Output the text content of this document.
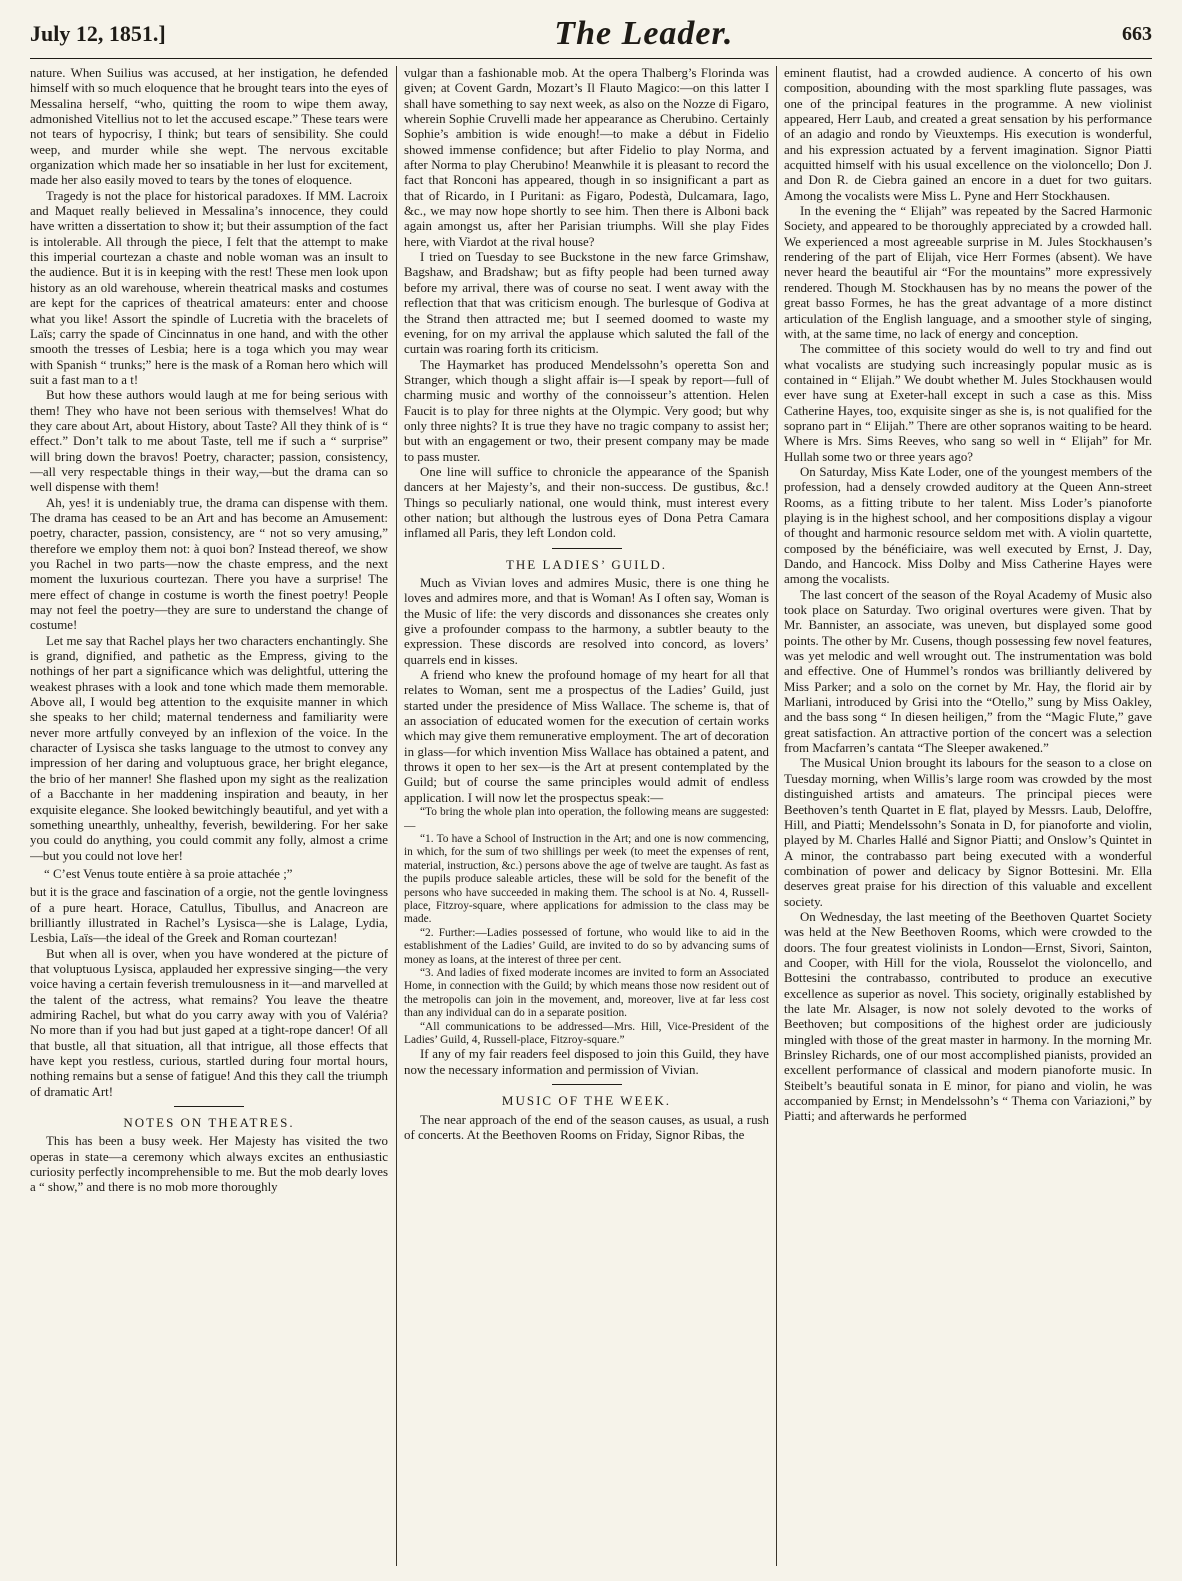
July 12, 1851.]	The Leader.	663

nature. When Suilius was accused, at her instigation, he defended himself with so much eloquence that he brought tears into the eyes of Messalina herself, “who, quitting the room to wipe them away, admonished Vitellius not to let the accused escape.” These tears were not tears of hypocrisy, I think; but tears of sensibility. She could weep, and murder while she wept. The nervous excitable organization which made her so insatiable in her lust for excitement, made her also easily moved to tears by the tones of eloquence.

Tragedy is not the place for historical paradoxes. If MM. Lacroix and Maquet really believed in Messalina’s innocence, they could have written a dissertation to show it; but their assumption of the fact is intolerable. All through the piece, I felt that the attempt to make this imperial courtezan a chaste and noble woman was an insult to the audience. But it is in keeping with the rest! These men look upon history as an old warehouse, wherein theatrical masks and costumes are kept for the caprices of theatrical amateurs: enter and choose what you like! Assort the spindle of Lucretia with the bracelets of Laïs; carry the spade of Cincinnatus in one hand, and with the other smooth the tresses of Lesbia; here is a toga which you may wear with Spanish “ trunks;” here is the mask of a Roman hero which will suit a fast man to a t!

But how these authors would laugh at me for being serious with them! They who have not been serious with themselves! What do they care about Art, about History, about Taste? All they think of is “ effect.” Don’t talk to me about Taste, tell me if such a “ surprise” will bring down the bravos! Poetry, character; passion, consistency, —all very respectable things in their way,—but the drama can so well dispense with them!

Ah, yes! it is undeniably true, the drama can dispense with them. The drama has ceased to be an Art and has become an Amusement: poetry, character, passion, consistency, are “ not so very amusing,” therefore we employ them not: à quoi bon? Instead thereof, we show you Rachel in two parts—now the chaste empress, and the next moment the luxurious courtezan. There you have a surprise! The mere effect of change in costume is worth the finest poetry! People may not feel the poetry—they are sure to understand the change of costume!

Let me say that Rachel plays her two characters enchantingly. She is grand, dignified, and pathetic as the Empress, giving to the nothings of her part a significance which was delightful, uttering the weakest phrases with a look and tone which made them memorable. Above all, I would beg attention to the exquisite manner in which she speaks to her child; maternal tenderness and familiarity were never more artfully conveyed by an inflexion of the voice. In the character of Lysisca she tasks language to the utmost to convey any impression of her daring and voluptuous grace, her bright elegance, the brio of her manner! She flashed upon my sight as the realization of a Bacchante in her maddening inspiration and beauty, in her exquisite elegance. She looked bewitchingly beautiful, and yet with a something unearthly, unhealthy, feverish, bewildering. For her sake you could do anything, you could commit any folly, almost a crime—but you could not love her!

“ C’est Venus toute entière à sa proie attachée ;”

but it is the grace and fascination of a orgie, not the gentle lovingness of a pure heart. Horace, Catullus, Tibullus, and Anacreon are brilliantly illustrated in Rachel’s Lysisca—she is Lalage, Lydia, Lesbia, Laïs—the ideal of the Greek and Roman courtezan!

But when all is over, when you have wondered at the picture of that voluptuous Lysisca, applauded her expressive singing—the very voice having a certain feverish tremulousness in it—and marvelled at the talent of the actress, what remains? You leave the theatre admiring Rachel, but what do you carry away with you of Valéria? No more than if you had but just gaped at a tight-rope dancer! Of all that bustle, all that situation, all that intrigue, all those effects that have kept you restless, curious, startled during four mortal hours, nothing remains but a sense of fatigue! And this they call the triumph of dramatic Art!

NOTES ON THEATRES.

This has been a busy week. Her Majesty has visited the two operas in state—a ceremony which always excites an enthusiastic curiosity perfectly incomprehensible to me. But the mob dearly loves a “ show,” and there is no mob more thoroughly

vulgar than a fashionable mob. At the opera Thalberg’s Florinda was given; at Covent Gardn, Mozart’s Il Flauto Magico:—on this latter I shall have something to say next week, as also on the Nozze di Figaro, wherein Sophie Cruvelli made her appearance as Cherubino. Certainly Sophie’s ambition is wide enough!—to make a début in Fidelio showed immense confidence; but after Fidelio to play Norma, and after Norma to play Cherubino! Meanwhile it is pleasant to record the fact that Ronconi has appeared, though in so insignificant a part as that of Ricardo, in I Puritani: as Figaro, Podestà, Dulcamara, Iago, &c., we may now hope shortly to see him. Then there is Alboni back again amongst us, after her Parisian triumphs. Will she play Fides here, with Viardot at the rival house?

I tried on Tuesday to see Buckstone in the new farce Grimshaw, Bagshaw, and Bradshaw; but as fifty people had been turned away before my arrival, there was of course no seat. I went away with the reflection that that was criticism enough. The burlesque of Godiva at the Strand then attracted me; but I seemed doomed to waste my evening, for on my arrival the applause which saluted the fall of the curtain was roaring forth its criticism.

The Haymarket has produced Mendelssohn’s operetta Son and Stranger, which though a slight affair is—I speak by report—full of charming music and worthy of the connoisseur’s attention. Helen Faucit is to play for three nights at the Olympic. Very good; but why only three nights? It is true they have no tragic company to assist her; but with an engagement or two, their present company may be made to pass muster.

One line will suffice to chronicle the appearance of the Spanish dancers at her Majesty’s, and their non-success. De gustibus, &c.! Things so peculiarly national, one would think, must interest every other nation; but although the lustrous eyes of Dona Petra Camara inflamed all Paris, they left London cold.

THE LADIES’ GUILD.

Much as Vivian loves and admires Music, there is one thing he loves and admires more, and that is Woman! As I often say, Woman is the Music of life: the very discords and dissonances she creates only give a profounder compass to the harmony, a subtler beauty to the expression. These discords are resolved into concord, as lovers’ quarrels end in kisses.

A friend who knew the profound homage of my heart for all that relates to Woman, sent me a prospectus of the Ladies’ Guild, just started under the presidence of Miss Wallace. The scheme is, that of an association of educated women for the execution of certain works which may give them remunerative employment. The art of decoration in glass—for which invention Miss Wallace has obtained a patent, and throws it open to her sex—is the Art at present contemplated by the Guild; but of course the same principles would admit of endless application. I will now let the prospectus speak:—

“To bring the whole plan into operation, the following means are suggested:—

“1. To have a School of Instruction in the Art; and one is now commencing, in which, for the sum of two shillings per week (to meet the expenses of rent, material, instruction, &c.) persons above the age of twelve are taught. As fast as the pupils produce saleable articles, these will be sold for the benefit of the persons who have succeeded in making them. The school is at No. 4, Russell-place, Fitzroy-square, where applications for admission to the class may be made.

“2. Further:—Ladies possessed of fortune, who would like to aid in the establishment of the Ladies’ Guild, are invited to do so by advancing sums of money as loans, at the interest of three per cent.

“3. And ladies of fixed moderate incomes are invited to form an Associated Home, in connection with the Guild; by which means those now resident out of the metropolis can join in the movement, and, moreover, live at far less cost than any individual can do in a separate position.

“All communications to be addressed—Mrs. Hill, Vice-President of the Ladies’ Guild, 4, Russell-place, Fitzroy-square.”

If any of my fair readers feel disposed to join this Guild, they have now the necessary information and permission of Vivian.

MUSIC OF THE WEEK.

The near approach of the end of the season causes, as usual, a rush of concerts. At the Beethoven Rooms on Friday, Signor Ribas, the

eminent flautist, had a crowded audience. A concerto of his own composition, abounding with the most sparkling flute passages, was one of the principal features in the programme. A new violinist appeared, Herr Laub, and created a great sensation by his performance of an adagio and rondo by Vieuxtemps. His execution is wonderful, and his expression actuated by a fervent imagination. Signor Piatti acquitted himself with his usual excellence on the violoncello; Don J. and Don R. de Ciebra gained an encore in a duet for two guitars. Among the vocalists were Miss L. Pyne and Herr Stockhausen.

In the evening the “ Elijah” was repeated by the Sacred Harmonic Society, and appeared to be thoroughly appreciated by a crowded hall. We experienced a most agreeable surprise in M. Jules Stockhausen’s rendering of the part of Elijah, vice Herr Formes (absent). We have never heard the beautiful air “For the mountains” more expressively rendered. Though M. Stockhausen has by no means the power of the great basso Formes, he has the great advantage of a more distinct articulation of the English language, and a smoother style of singing, with, at the same time, no lack of energy and conception.

The committee of this society would do well to try and find out what vocalists are studying such increasingly popular music as is contained in “ Elijah.” We doubt whether M. Jules Stockhausen would ever have sung at Exeter-hall except in such a case as this. Miss Catherine Hayes, too, exquisite singer as she is, is not qualified for the soprano part in “ Elijah.” There are other sopranos waiting to be heard. Where is Mrs. Sims Reeves, who sang so well in “ Elijah” for Mr. Hullah some two or three years ago?

On Saturday, Miss Kate Loder, one of the youngest members of the profession, had a densely crowded auditory at the Queen Ann-street Rooms, as a fitting tribute to her talent. Miss Loder’s pianoforte playing is in the highest school, and her compositions display a vigour of thought and harmonic resource seldom met with. A violin quartette, composed by the bénéficiaire, was well executed by Ernst, J. Day, Dando, and Hancock. Miss Dolby and Miss Catherine Hayes were among the vocalists.

The last concert of the season of the Royal Academy of Music also took place on Saturday. Two original overtures were given. That by Mr. Bannister, an associate, was uneven, but displayed some good points. The other by Mr. Cusens, though possessing few novel features, was yet melodic and well wrought out. The instrumentation was bold and effective. One of Hummel’s rondos was brilliantly delivered by Miss Parker; and a solo on the cornet by Mr. Hay, the florid air by Marliani, introduced by Grisi into the “Otello,” sung by Miss Oakley, and the bass song “ In diesen heiligen,” from the “Magic Flute,” gave great satisfaction. An attractive portion of the concert was a selection from Macfarren’s cantata “The Sleeper awakened.”

The Musical Union brought its labours for the season to a close on Tuesday morning, when Willis’s large room was crowded by the most distinguished artists and amateurs. The principal pieces were Beethoven’s tenth Quartet in E flat, played by Messrs. Laub, Deloffre, Hill, and Piatti; Mendelssohn’s Sonata in D, for pianoforte and violin, played by M. Charles Hallé and Signor Piatti; and Onslow’s Quintet in A minor, the contrabasso part being executed with a wonderful combination of power and delicacy by Signor Bottesini. Mr. Ella deserves great praise for his direction of this valuable and excellent society.

On Wednesday, the last meeting of the Beethoven Quartet Society was held at the New Beethoven Rooms, which were crowded to the doors. The four greatest violinists in London—Ernst, Sivori, Sainton, and Cooper, with Hill for the viola, Rousselot the violoncello, and Bottesini the contrabasso, contributed to produce an executive excellence as superior as novel. This society, originally established by the late Mr. Alsager, is now not solely devoted to the works of Beethoven; but compositions of the highest order are judiciously mingled with those of the great master in harmony. In the morning Mr. Brinsley Richards, one of our most accomplished pianists, provided an excellent performance of classical and modern pianoforte music. In Steibelt’s beautiful sonata in E minor, for piano and violin, he was accompanied by Ernst; in Mendelssohn’s “ Thema con Variazioni,” by Piatti; and afterwards he performed
